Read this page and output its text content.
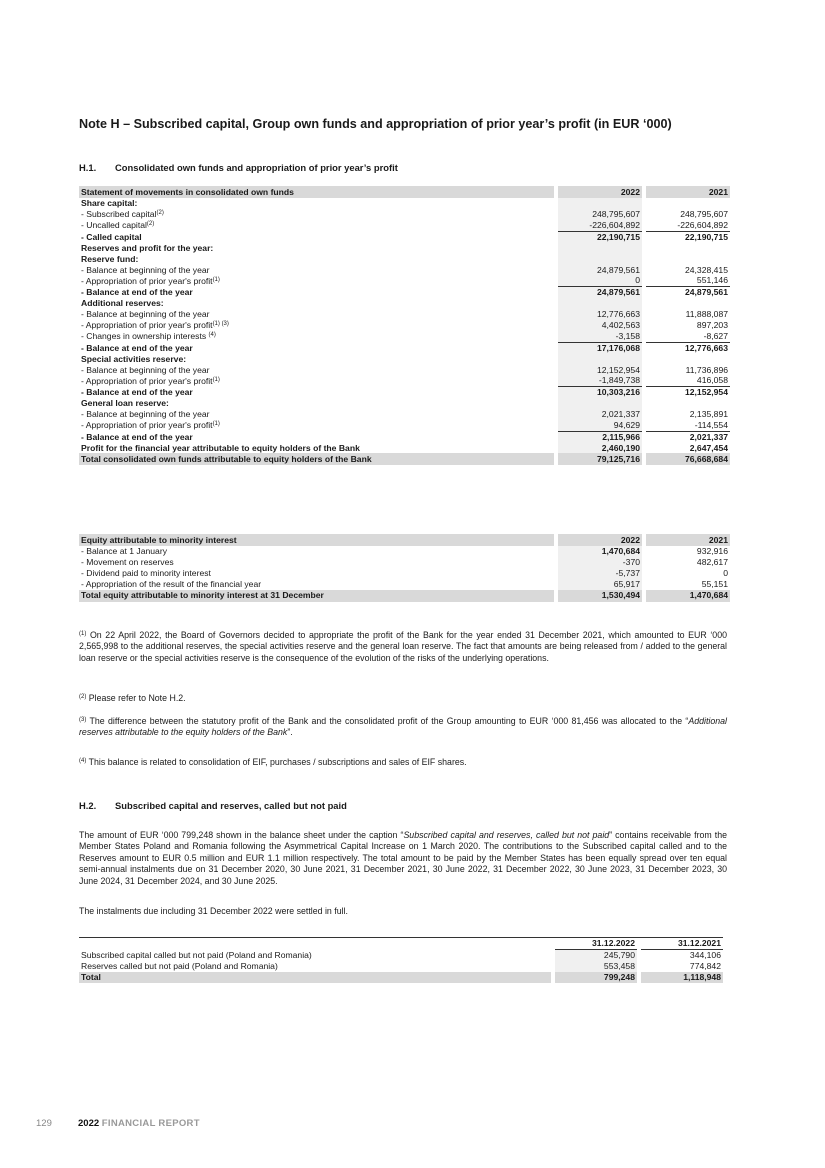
Note H – Subscribed capital, Group own funds and appropriation of prior year’s profit (in EUR ‘000)
H.1. Consolidated own funds and appropriation of prior year’s profit
Statement of movements in consolidated own funds		2022		2021
Share capital:				
- Subscribed capital$^{(2)}$		248,795,607		248,795,607
- Uncalled capital$^{(2)}$		-226,604,892		-226,604,892
- Called capital		22,190,715		22,190,715
Reserves and profit for the year:				
Reserve fund:				
- Balance at beginning of the year		24,879,561		24,328,415
- Appropriation of prior year's profit$^{(1)}$		0		551,146
- Balance at end of the year		24,879,561		24,879,561
Additional reserves:				
- Balance at beginning of the year		12,776,663		11,888,087
- Appropriation of prior year's profit$^{(1) (3)}$		4,402,563		897,203
- Changes in ownership interests $^{(4)}$		-3,158		-8,627
- Balance at end of the year		17,176,068		12,776,663
Special activities reserve:				
- Balance at beginning of the year		12,152,954		11,736,896
- Appropriation of prior year's profit$^{(1)}$		-1,849,738		416,058
- Balance at end of the year		10,303,216		12,152,954
General loan reserve:				
- Balance at beginning of the year		2,021,337		2,135,891
- Appropriation of prior year's profit$^{(1)}$		94,629		-114,554
- Balance at end of the year		2,115,966		2,021,337
Profit for the financial year attributable to equity holders of the Bank		2,460,190		2,647,454
Total consolidated own funds attributable to equity holders of the Bank		79,125,716		76,668,684
Equity attributable to minority interest		2022		2021
- Balance at 1 January		1,470,684		932,916
- Movement on reserves		-370		482,617
- Dividend paid to minority interest		-5,737		0
- Appropriation of the result of the financial year		65,917		55,151
Total equity attributable to minority interest at 31 December		1,530,494		1,470,684

$^{(1)}$ On 22 April 2022, the Board of Governors decided to appropriate the profit of the Bank for the year ended 31 December 2021, which amounted to EUR ‘000 2,565,998 to the additional reserves, the special activities reserve and the general loan reserve. The fact that amounts are being released from / added to the general loan reserve or the special activities reserve is the consequence of the evolution of the risks of the underlying operations.

$^{(2)}$ Please refer to Note H.2.

$^{(3)}$ The difference between the statutory profit of the Bank and the consolidated profit of the Group amounting to EUR ‘000 81,456 was allocated to the “Additional reserves attributable to the equity holders of the Bank”.

$^{(4)}$ This balance is related to consolidation of EIF, purchases / subscriptions and sales of EIF shares.

H.2. Subscribed capital and reserves, called but not paid

The amount of EUR ‘000 799,248 shown in the balance sheet under the caption “Subscribed capital and reserves, called but not paid” contains receivable from the Member States Poland and Romania following the Asymmetrical Capital Increase on 1 March 2020. The contributions to the Subscribed capital called and to the Reserves amount to EUR 0.5 million and EUR 1.1 million respectively. The total amount to be paid by the Member States has been equally spread over ten equal semi-annual instalments due on 31 December 2020, 30 June 2021, 31 December 2021, 30 June 2022, 31 December 2022, 30 June 2023, 31 December 2023, 30 June 2024, 31 December 2024, and 30 June 2025.

The instalments due including 31 December 2022 were settled in full.

		31.12.2022		31.12.2021
Subscribed capital called but not paid (Poland and Romania)		245,790		344,106
Reserves called but not paid (Poland and Romania)		553,458		774,842
Total		799,248		1,118,948
129	2022 FINANCIAL REPORT
